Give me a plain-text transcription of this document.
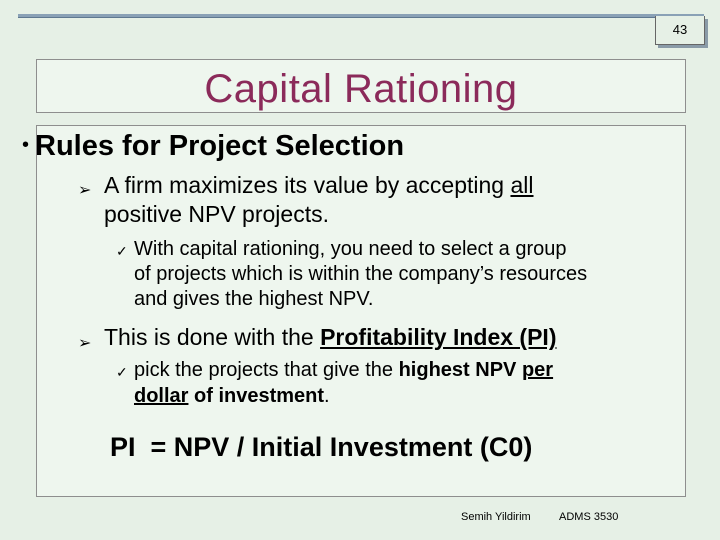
43
Capital Rationing
• Rules for Project Selection
➢ A firm maximizes its value by accepting all
positive NPV projects.
✓ With capital rationing, you need to select a group
of projects which is within the company’s resources
and gives the highest NPV.
➢ This is done with the Profitability Index (PI)
✓ pick the projects that give the highest NPV per
dollar of investment.
PI  = NPV / Initial Investment (C0)
Semih Yildirim	ADMS 3530
